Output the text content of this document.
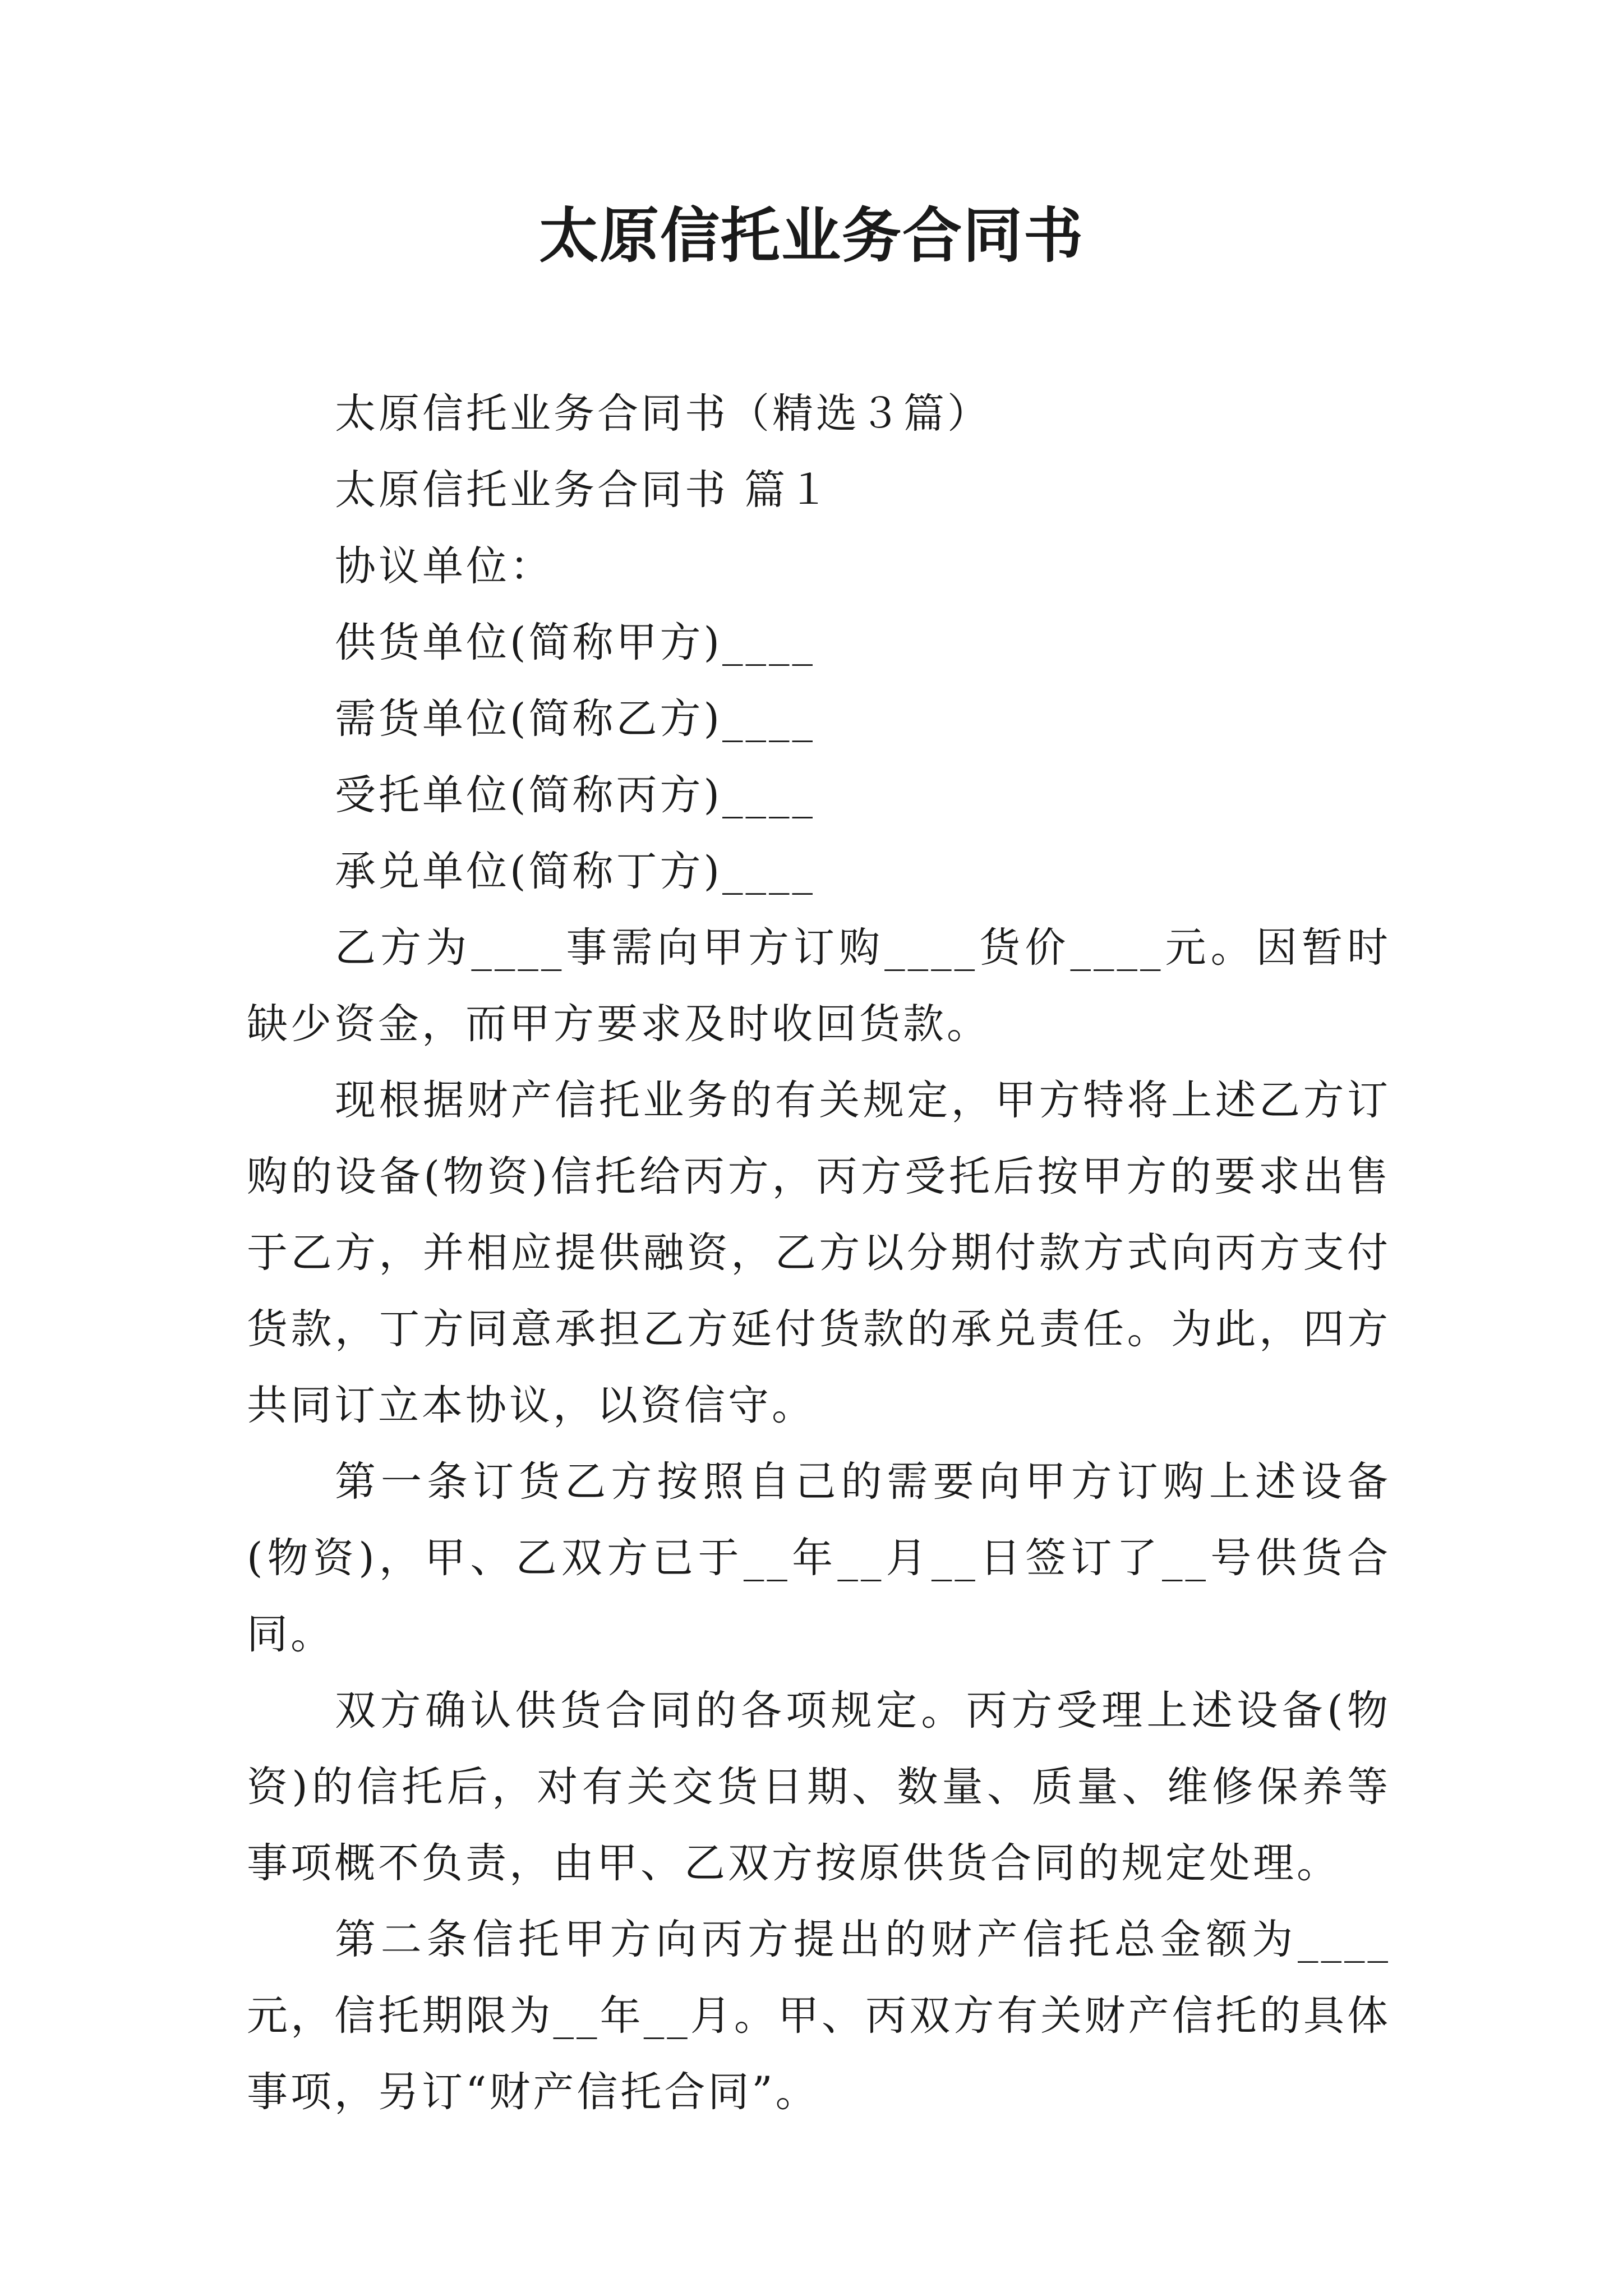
太原信托业务合同书

太原信托业务合同书（精选３篇）

太原信托业务合同书 篇１

协议单位：

供货单位(简称甲方)____

需货单位(简称乙方)____

受托单位(简称丙方)____

承兑单位(简称丁方)____

乙方为____事需向甲方订购____货价____元。因暂时缺少资金，而甲方要求及时收回货款。

现根据财产信托业务的有关规定，甲方特将上述乙方订购的设备(物资)信托给丙方，丙方受托后按甲方的要求出售于乙方，并相应提供融资，乙方以分期付款方式向丙方支付货款，丁方同意承担乙方延付货款的承兑责任。为此，四方共同订立本协议，以资信守。

第一条订货乙方按照自己的需要向甲方订购上述设备(物资)，甲、乙双方已于__年__月__日签订了__号供货合同。

双方确认供货合同的各项规定。丙方受理上述设备(物资)的信托后，对有关交货日期、数量、质量、维修保养等事项概不负责，由甲、乙双方按原供货合同的规定处理。

第二条信托甲方向丙方提出的财产信托总金额为____元，信托期限为__年__月。甲、丙双方有关财产信托的具体事项，另订“财产信托合同”。
